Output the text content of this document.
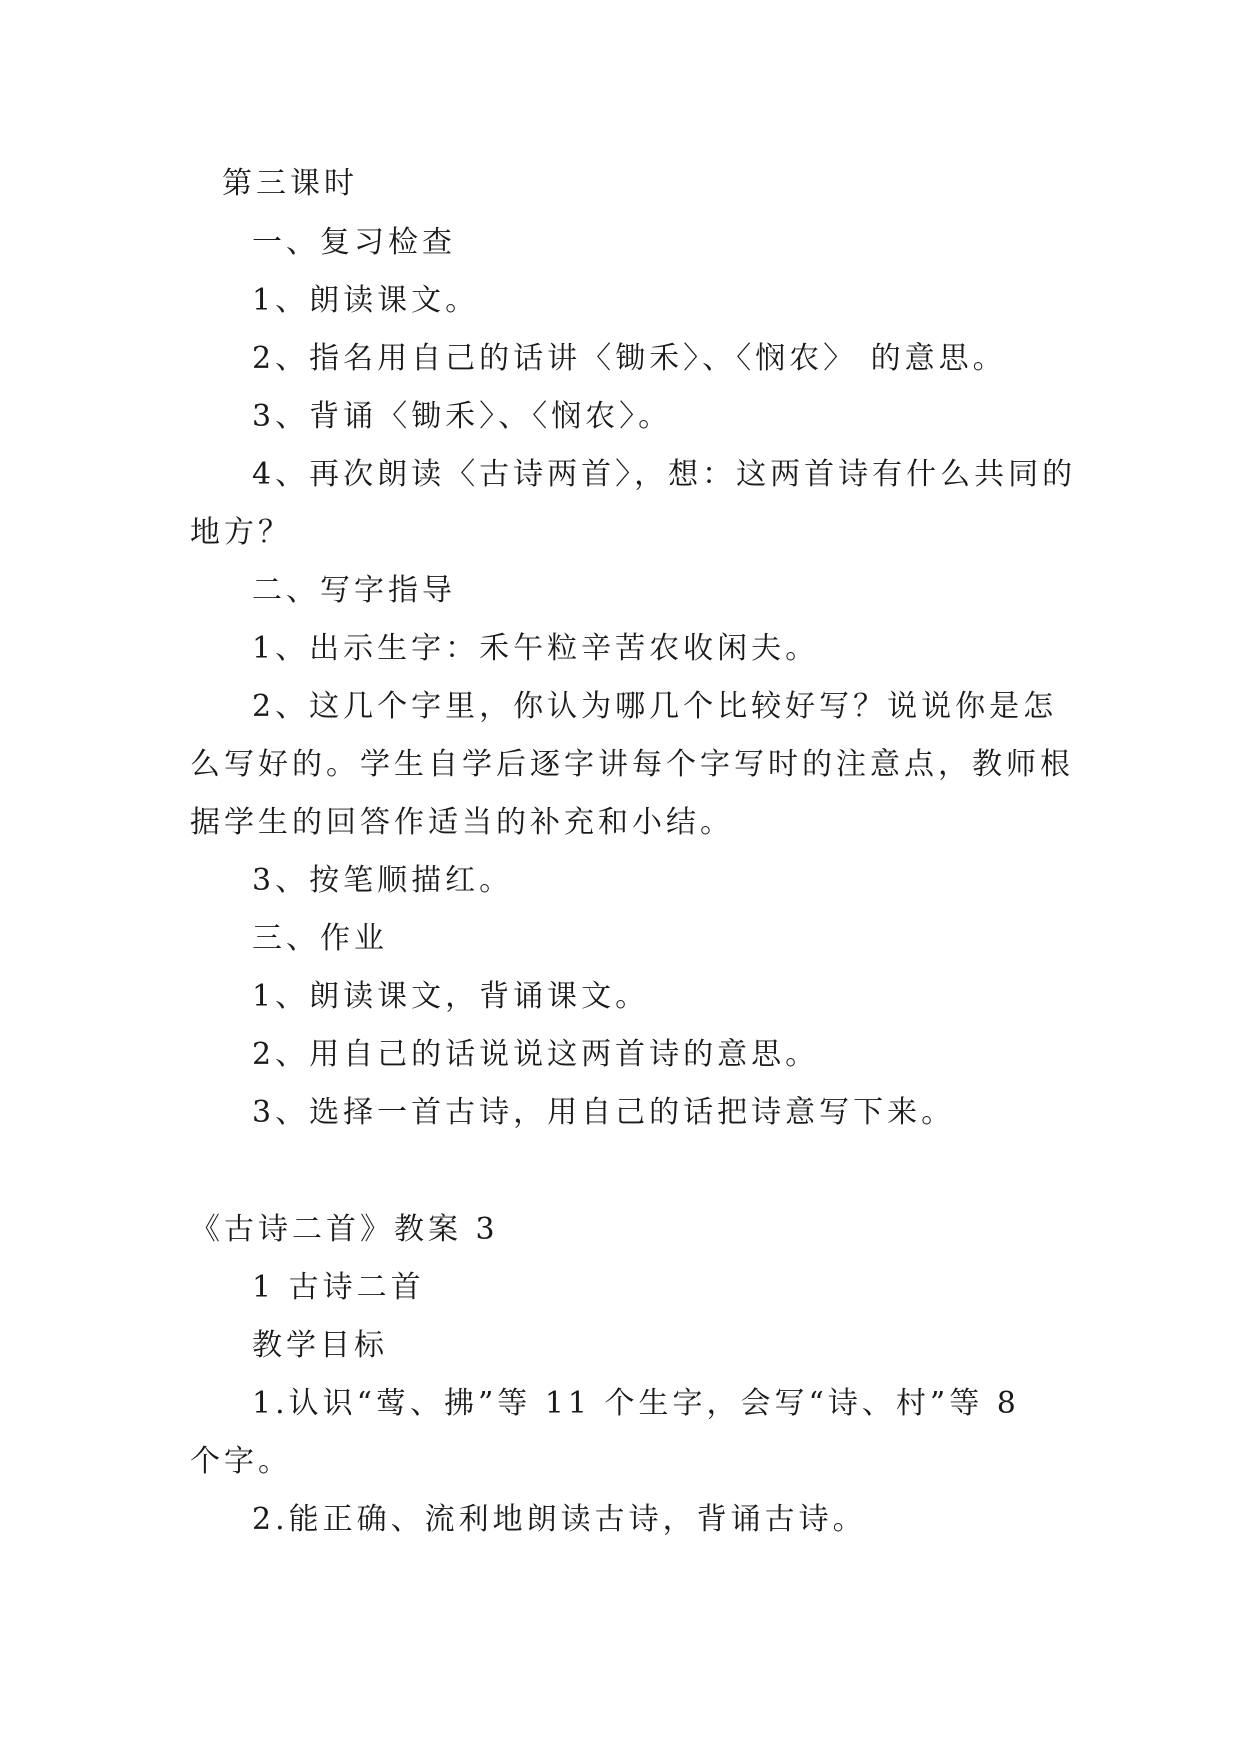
第三课时
一、复习检查
1、朗读课文。
2、指名用自己的话讲〈锄禾〉、〈悯农〉 的意思。
3、背诵〈锄禾〉、〈悯农〉。
4、再次朗读〈古诗两首〉，想：这两首诗有什么共同的
地方？
二、写字指导
1、出示生字：禾午粒辛苦农收闲夫。
2、这几个字里，你认为哪几个比较好写？说说你是怎
么写好的。学生自学后逐字讲每个字写时的注意点，教师根
据学生的回答作适当的补充和小结。
3、按笔顺描红。
三、作业
1、朗读课文，背诵课文。
2、用自己的话说说这两首诗的意思。
3、选择一首古诗，用自己的话把诗意写下来。
《古诗二首》教案 3
1 古诗二首
教学目标
1.认识“莺、拂”等 11 个生字，会写“诗、村”等 8
个字。
2.能正确、流利地朗读古诗，背诵古诗。
